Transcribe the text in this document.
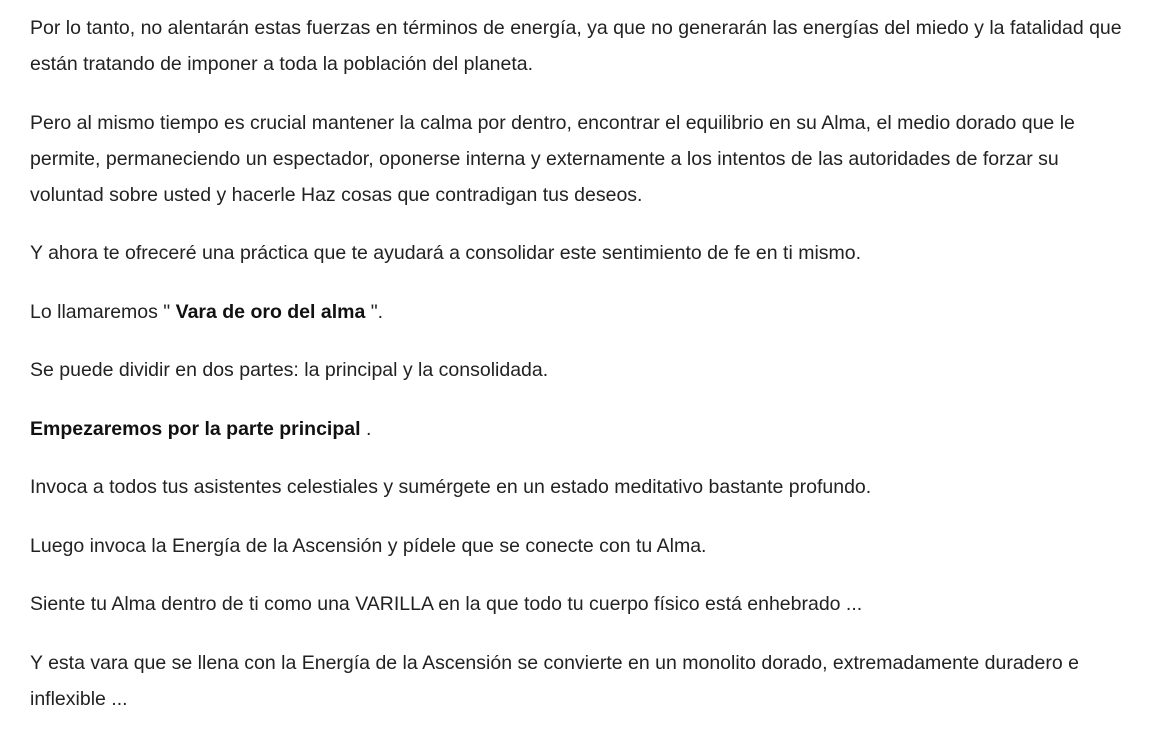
Por lo tanto, no alentarán estas fuerzas en términos de energía, ya que no generarán las energías del miedo y la fatalidad que están tratando de imponer a toda la población del planeta.

Pero al mismo tiempo es crucial mantener la calma por dentro, encontrar el equilibrio en su Alma, el medio dorado que le permite, permaneciendo un espectador, oponerse interna y externamente a los intentos de las autoridades de forzar su voluntad sobre usted y hacerle Haz cosas que contradigan tus deseos.

Y ahora te ofreceré una práctica que te ayudará a consolidar este sentimiento de fe en ti mismo.

Lo llamaremos " Vara de oro del alma ".

Se puede dividir en dos partes: la principal y la consolidada.

Empezaremos por la parte principal .

Invoca a todos tus asistentes celestiales y sumérgete en un estado meditativo bastante profundo.

Luego invoca la Energía de la Ascensión y pídele que se conecte con tu Alma.

Siente tu Alma dentro de ti como una VARILLA en la que todo tu cuerpo físico está enhebrado ...

Y esta vara que se llena con la Energía de la Ascensión se convierte en un monolito dorado, extremadamente duradero e inflexible ...
